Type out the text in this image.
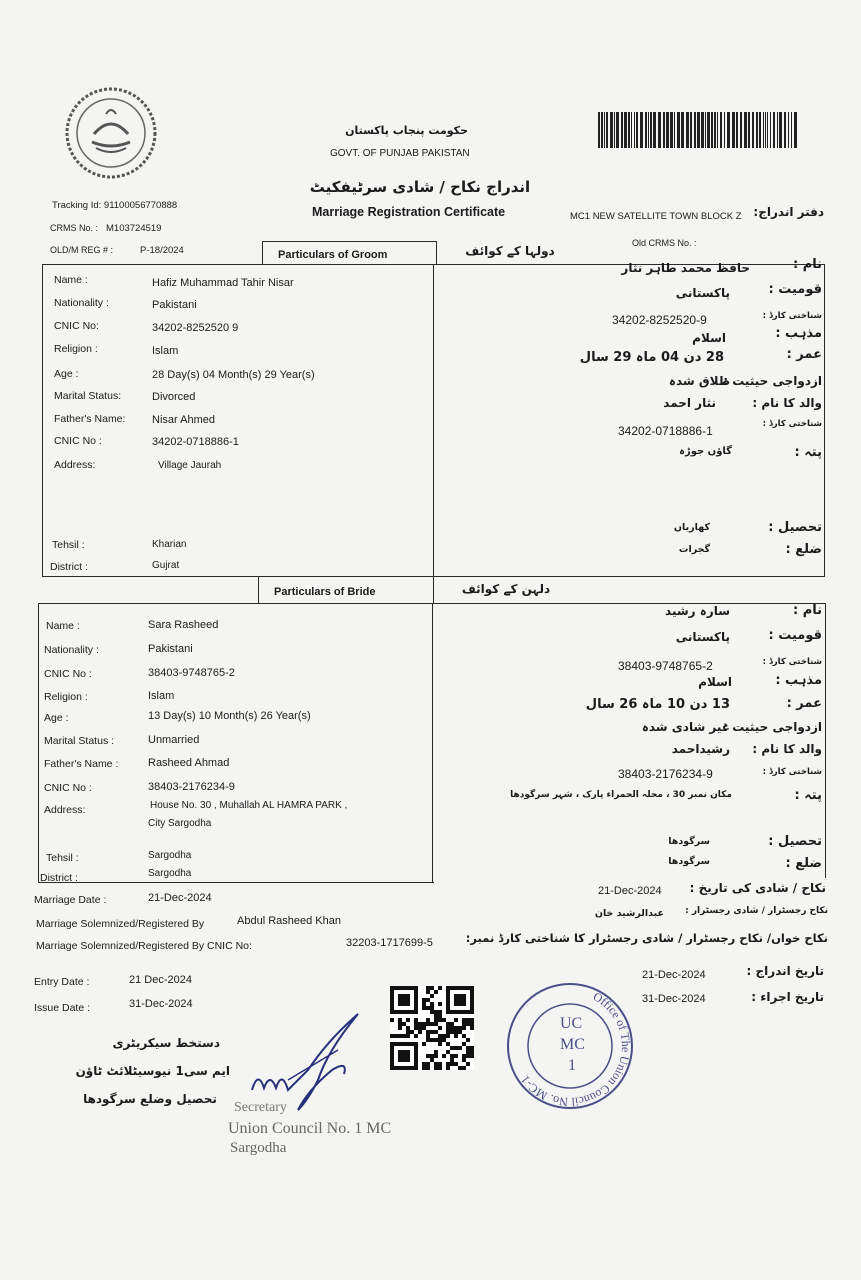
حکومت پنجاب پاکستان
GOVT. OF PUNJAB PAKISTAN
اندراج نکاح / شادی سرٹیفکیٹ
Marriage Registration Certificate
Tracking Id: 91100056770888
CRMS No. : M103724519
OLD/M REG # :	P-18/2024
MC1 NEW SATELLITE TOWN BLOCK Z دفتر اندراج:
Old CRMS No. :
Particulars of Groom	دولہا کے کوائف
Name :	Hafiz Muhammad Tahir Nisar
Nationality :	Pakistani
CNIC No:	34202-8252520 9
Religion :	Islam
Age :	28 Day(s) 04 Month(s) 29 Year(s)
Marital Status:	Divorced
Father's Name: Nisar Ahmed
CNIC No :	34202-0718886-1
Address:	Village Jaurah
Tehsil :	Kharian
District :	Gujrat
نام :
حافظ محمد طاہر نثار
قومیت :
پاکستانی
شناختی کارڈ :
34202-8252520-9
مذہب :
اسلام
عمر :
28 دن 04 ماہ 29 سال
ازدواجی حیثیت :
طلاق شدہ
والد کا نام :
نثار احمد
شناختی کارڈ :
34202-0718886-1
پتہ :
گاؤں جوڑہ
تحصیل :
کھاریاں
ضلع :
گجرات
Particulars of Bride	دلہن کے کوائف
Name :	Sara Rasheed
Nationality :	Pakistani
CNIC No :	38403-9748765-2
Religion :	Islam
Age :	13 Day(s) 10 Month(s) 26 Year(s)
Marital Status :	Unmarried
Father's Name :	Rasheed Ahmad
CNIC No :	38403-2176234-9
Address:	House No. 30 , Muhallah AL HAMRA PARK ,
City Sargodha
Tehsil :	Sargodha
District :	Sargodha
نام :
سارہ رشید
قومیت :
پاکستانی
شناختی کارڈ :
38403-9748765-2
مذہب :
اسلام
عمر :
13 دن 10 ماہ 26 سال
ازدواجی حیثیت :
غیر شادی شدہ
والد کا نام :
رشیداحمد
شناختی کارڈ :
38403-2176234-9
پتہ :
مکان نمبر 30 ، محلہ الحمراء پارک ، شہر سرگودھا
تحصیل :
سرگودھا
ضلع :
سرگودھا
Marriage Date :	21-Dec-2024
نکاح / شادی کی تاریخ :
21-Dec-2024
Marriage Solemnized/Registered By	Abdul Rasheed Khan
نکاح رجسٹرار / شادی رجسٹرار :
عبدالرشید خان
Marriage Solemnized/Registered By CNIC No:	32203-1717699-5	نکاح خواں/ نکاح رجسٹرار / شادی رجسٹرار کا شناختی کارڈ نمبر:
Entry Date :	21 Dec-2024
Issue Date :	31-Dec-2024
تاریخ اندراج :
21-Dec-2024
تاریخ اجراء :
31-Dec-2024
Office of The Union Council No. MC-1
UC
MC
1
دستخط سیکریٹری
ایم سی1 نیوسیٹلائٹ ٹاؤن
تحصیل وضلع سرگودھا
Secretary
Union Council No. 1 MC
Sargodha
